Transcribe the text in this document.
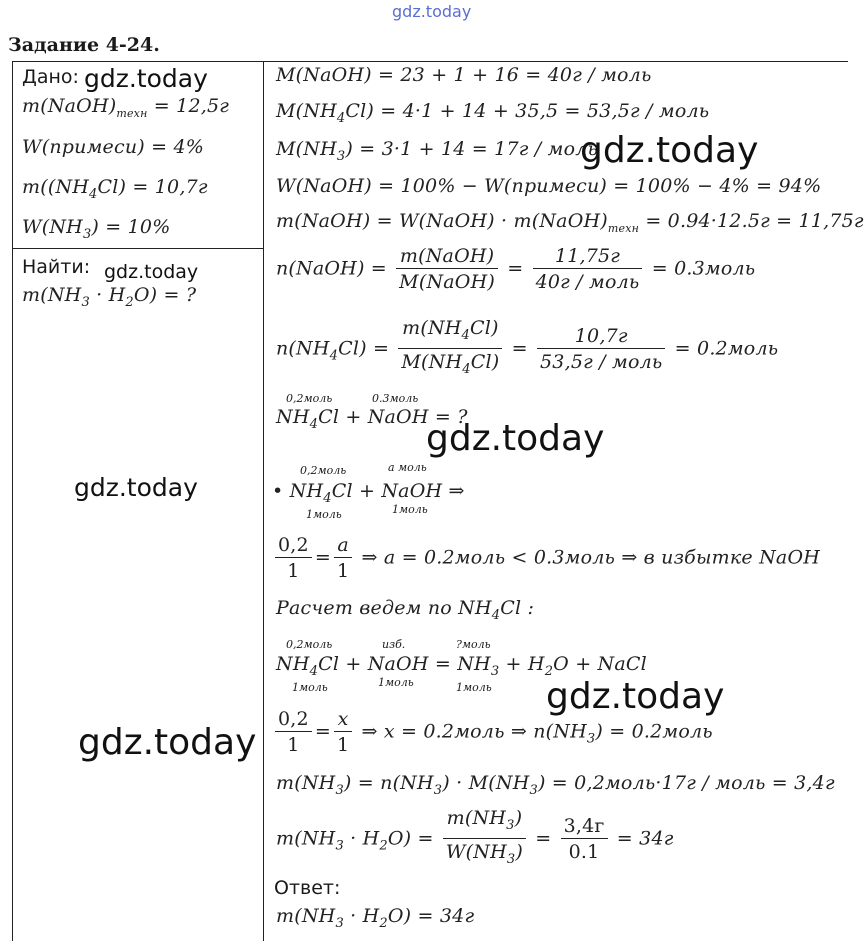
Задание 4-24.
Дано:
$m(NaOH)_{техн} = 12,5г$
W(примеси) = 4%
$m((NH_4Cl) = 10,7г$
$W(NH_3) = 10\%$
Найти:
$m(NH_3 \cdot H_2O)$ = ?
M(NaOH) = 23 + 1 + 16 = 40г / моль
$M(NH_4Cl) = 4\cdot 1 + 14 + 35,5 = 53,5г$ / моль
$M(NH_3) = 3\cdot 1 + 14 = 17г$ / моль
W(NaOH) = 100% − W(примеси) = 100% − 4% = 94%
m(NaOH) = W(NaOH) · $m(NaOH)_{техн} = 0.94\cdot 12.5г = 11,75г$
n(NaOH) = $\frac{\text{m(NaOH)}}{\text{M(NaOH)}} = \frac{11,75г}{\text{40г / моль}}$ = 0.3моль
$n(NH_4Cl) = \frac{m(NH_4Cl)}{M(NH_4Cl)} = \frac{10,7г}{\text{53,5г / моль}}$ = 0.2моль
0,2моль	0.3моль
$NH_4Cl$ + NaOH = ?
0,2моль	a моль
• $NH_4Cl$ + NaOH ⇒
1моль	1моль
$\frac{0,2}{1} = \frac{a}{1}$ ⇒ a = 0.2моль < 0.3моль ⇒ в избытке NaOH
Расчет ведем по $NH_4Cl$ :
0,2моль	изб.	?моль
$NH_4Cl$ + NaOH = $NH_3 + H_2O$ + NaCl
1моль	1моль	1моль
$\frac{0,2}{1} = \frac{x}{1}$ ⇒ x = 0.2моль ⇒ $n(NH_3)$ = 0.2моль
$m(NH_3) = n(NH_3) \cdot M(NH_3)$ = 0,2моль·17г / моль = 3,4г
$m(NH_3 \cdot H_2O) = \frac{m(NH_3)}{W(NH_3)} = \frac{3,4г}{0.1} = 34г$
Ответ:
$m(NH_3 \cdot H_2O) = 34г$
gdz.today
gdz.today
gdz.today
gdz.today
gdz.today
gdz.today
gdz.today
gdz.today
